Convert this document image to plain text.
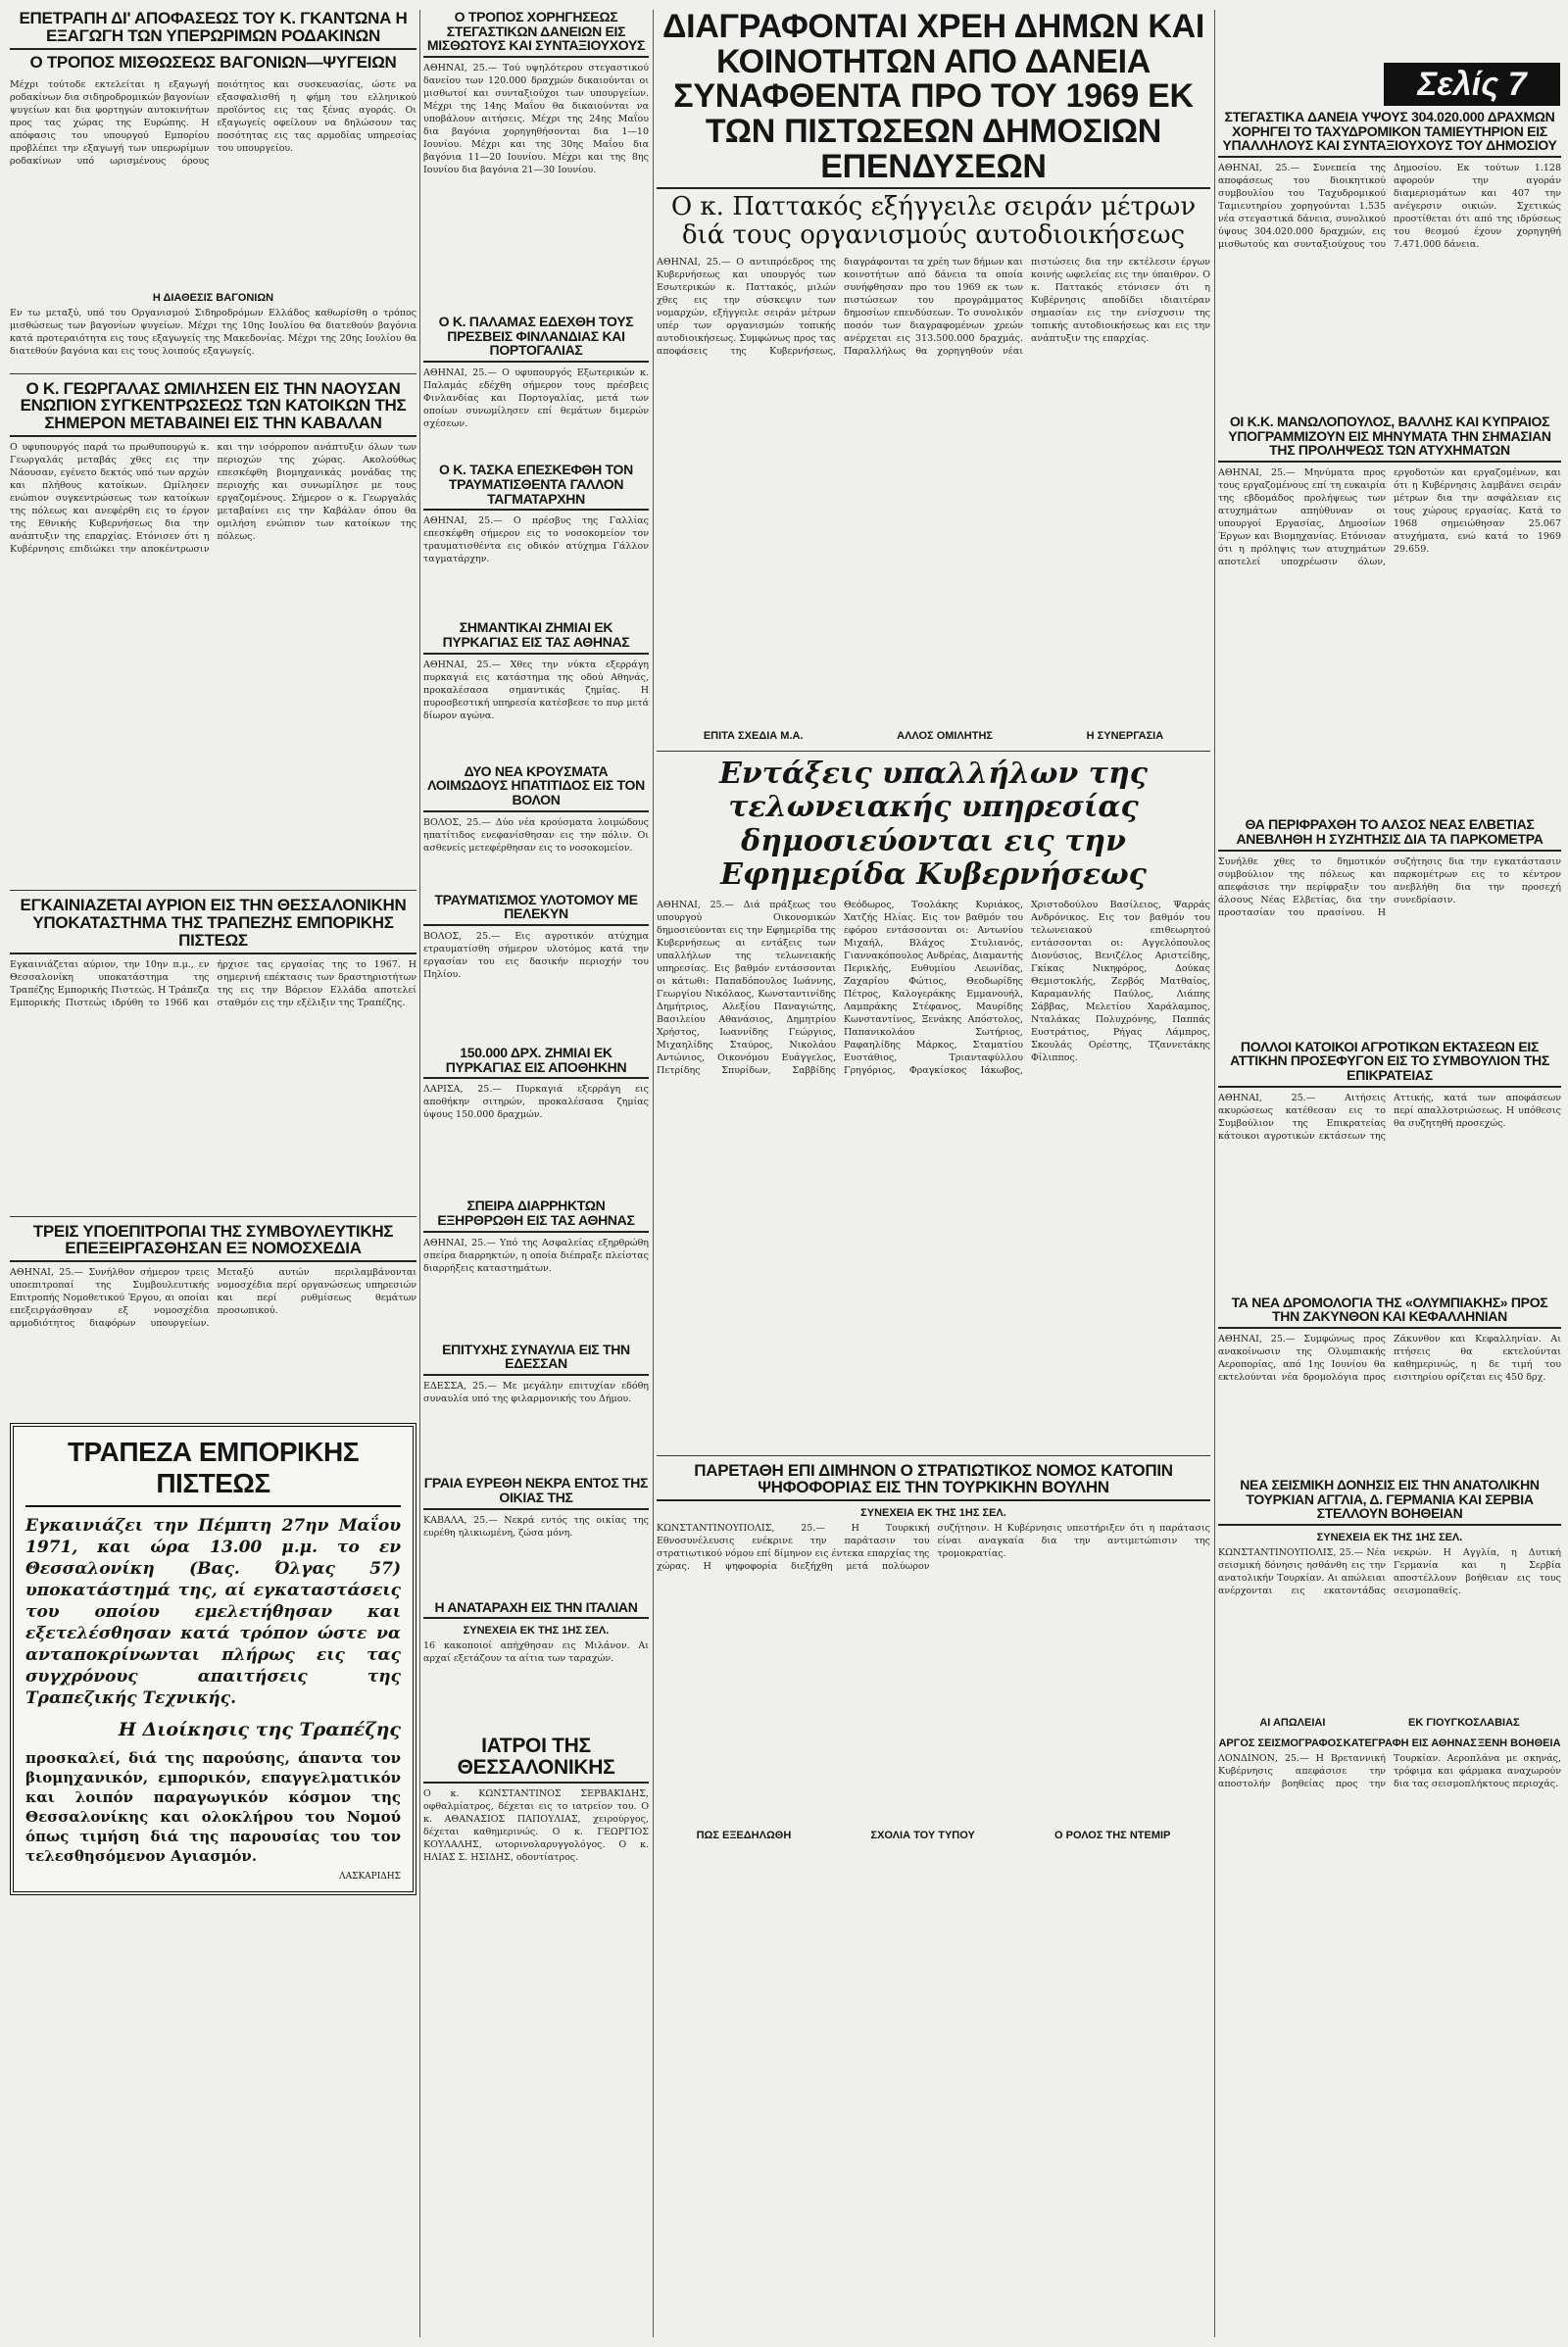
ΕΠΕΤΡΑΠΗ ΔΙ' ΑΠΟΦΑΣΕΩΣ ΤΟΥ Κ. ΓΚΑΝΤΩΝΑ Η ΕΞΑΓΩΓΗ ΤΩΝ ΥΠΕΡΩΡΙΜΩΝ ΡΟΔΑΚΙΝΩΝ
Ο ΤΡΟΠΟΣ ΜΙΣΘΩΣΕΩΣ ΒΑΓΟΝΙΩΝ—ΨΥΓΕΙΩΝ
Μέχρι τούτοδε εκτελείται η εξαγωγή ροδακίνων δια σιδηροδρομικών βαγονίων ψυγείων και δια φορτηγών αυτοκινήτων προς τας χώρας της Ευρώπης. Η απόφασις του υπουργού Εμπορίου προβλέπει την εξαγωγή των υπερωρίμων ροδακίνων υπό ωρισμένους όρους ποιότητος και συσκευασίας, ώστε να εξασφαλισθή η φήμη του ελληνικού προϊόντος εις τας ξένας αγοράς. Οι εξαγωγείς οφείλουν να δηλώσουν τας ποσότητας εις τας αρμοδίας υπηρεσίας του υπουργείου.
Η ΔΙΑΘΕΣΙΣ ΒΑΓΟΝΙΩΝ
Εν τω μεταξύ, υπό του Οργανισμού Σιδηροδρόμων Ελλάδος καθωρίσθη ο τρόπος μισθώσεως των βαγονίων ψυγείων. Μέχρι της 10ης Ιουλίου θα διατεθούν βαγόνια κατά προτεραιότητα εις τους εξαγωγείς της Μακεδονίας. Μέχρι της 20ης Ιουλίου θα διατεθούν βαγόνια και εις τους λοιπούς εξαγωγείς.
Ο Κ. ΓΕΩΡΓΑΛΑΣ ΩΜΙΛΗΣΕΝ ΕΙΣ ΤΗΝ ΝΑΟΥΣΑΝ ΕΝΩΠΙΟΝ ΣΥΓΚΕΝΤΡΩΣΕΩΣ ΤΩΝ ΚΑΤΟΙΚΩΝ ΤΗΣ ΣΗΜΕΡΟΝ ΜΕΤΑΒΑΙΝΕΙ ΕΙΣ ΤΗΝ ΚΑΒΑΛΑΝ
Ο υφυπουργός παρά τω πρωθυπουργώ κ. Γεωργαλάς μεταβάς χθες εις την Νάουσαν, εγένετο δεκτός υπό των αρχών και πλήθους κατοίκων. Ωμίλησεν ενώπιον συγκεντρώσεως των κατοίκων της πόλεως και ανεφέρθη εις το έργον της Εθνικής Κυβερνήσεως δια την ανάπτυξιν της επαρχίας. Ετόνισεν ότι η Κυβέρνησις επιδιώκει την αποκέντρωσιν και την ισόρροπον ανάπτυξιν όλων των περιοχών της χώρας. Ακολούθως επεσκέφθη βιομηχανικάς μονάδας της περιοχής και συνωμίλησε με τους εργαζομένους. Σήμερον ο κ. Γεωργαλάς μεταβαίνει εις την Καβάλαν όπου θα ομιλήση ενώπιον των κατοίκων της πόλεως.
ΕΓΚΑΙΝΙΑΖΕΤΑΙ ΑΥΡΙΟΝ ΕΙΣ ΤΗΝ ΘΕΣΣΑΛΟΝΙΚΗΝ ΥΠΟΚΑΤΑΣΤΗΜΑ ΤΗΣ ΤΡΑΠΕΖΗΣ ΕΜΠΟΡΙΚΗΣ ΠΙΣΤΕΩΣ
Εγκαινιάζεται αύριον, την 10ην π.μ., εν Θεσσαλονίκη υποκατάστημα της Τραπέζης Εμπορικής Πιστεώς. Η Τράπεζα Εμπορικής Πιστεώς ιδρύθη το 1966 και ήρχισε τας εργασίας της το 1967. Η σημερινή επέκτασις των δραστηριοτήτων της εις την Βόρειον Ελλάδα αποτελεί σταθμόν εις την εξέλιξιν της Τραπέζης.
ΤΡΕΙΣ ΥΠΟΕΠΙΤΡΟΠΑΙ ΤΗΣ ΣΥΜΒΟΥΛΕΥΤΙΚΗΣ ΕΠΕΞΕΙΡΓΑΣΘΗΣΑΝ ΕΞ ΝΟΜΟΣΧΕΔΙΑ
ΑΘΗΝΑΙ, 25.— Συνήλθον σήμερον τρεις υποεπιτροπαί της Συμβουλευτικής Επιτροπής Νομοθετικού Έργου, αι οποίαι επεξειργάσθησαν εξ νομοσχέδια αρμοδιότητος διαφόρων υπουργείων. Μεταξύ αυτών περιλαμβάνονται νομοσχέδια περί οργανώσεως υπηρεσιών και περί ρυθμίσεως θεμάτων προσωπικού.
ΤΡΑΠΕΖΑ ΕΜΠΟΡΙΚΗΣ ΠΙΣΤΕΩΣ
Εγκαινιάζει την Πέμπτη 27ην Μαΐου 1971, και ώρα 13.00 μ.μ. το εν Θεσσαλονίκη (Βας. Όλγας 57) υποκατάστημά της, αί εγκαταστάσεις του οποίου εμελετήθησαν και εξετελέσθησαν κατά τρόπον ώστε να ανταποκρίνωνται πλήρως εις τας συγχρόνους απαιτήσεις της Τραπεζικής Τεχνικής.
Η Διοίκησις της Τραπέζης
προσκαλεί, διά της παρούσης, άπαντα τον βιομηχανικόν, εμπορικόν, επαγγελματικόν και λοιπόν παραγωγικόν κόσμον της Θεσσαλονίκης και ολοκλήρου του Νομού όπως τιμήση διά της παρουσίας του τον τελεσθησόμενον Αγιασμόν.
ΛΑΣΚΑΡΙΔΗΣ
Ο ΤΡΟΠΟΣ ΧΟΡΗΓΗΣΕΩΣ ΣΤΕΓΑΣΤΙΚΩΝ ΔΑΝΕΙΩΝ ΕΙΣ ΜΙΣΘΩΤΟΥΣ ΚΑΙ ΣΥΝΤΑΞΙΟΥΧΟΥΣ
ΑΘΗΝΑΙ, 25.— Τού υψηλότερου στεγαστικού δανείου των 120.000 δραχμών δικαιούνται οι μισθωτοί και συνταξιούχοι των υπουργείων. Μέχρι της 14ης Μαΐου θα δικαιούνται να υποβάλουν αιτήσεις. Μέχρι της 24ης Μαΐου δια βαγόνια χορηγηθήσονται δια 1—10 Ιουνίου. Μέχρι και της 30ης Μαΐου δια βαγόνια 11—20 Ιουνίου. Μέχρι και της 8ης Ιουνίου δια βαγόνια 21—30 Ιουνίου.
Ο Κ. ΠΑΛΑΜΑΣ ΕΔΕΧΘΗ ΤΟΥΣ ΠΡΕΣΒΕΙΣ ΦΙΝΛΑΝΔΙΑΣ ΚΑΙ ΠΟΡΤΟΓΑΛΙΑΣ
ΑΘΗΝΑΙ, 25.— Ο υφυπουργός Εξωτερικών κ. Παλαμάς εδέχθη σήμερον τους πρέσβεις Φινλανδίας και Πορτογαλίας, μετά των οποίων συνωμίλησεν επί θεμάτων διμερών σχέσεων.
Ο Κ. ΤΑΣΚΑ ΕΠΕΣΚΕΦΘΗ ΤΟΝ ΤΡΑΥΜΑΤΙΣΘΕΝΤΑ ΓΑΛΛΟΝ ΤΑΓΜΑΤΑΡΧΗΝ
ΑΘΗΝΑΙ, 25.— Ο πρέσβυς της Γαλλίας επεσκέφθη σήμερον εις το νοσοκομείον τον τραυματισθέντα εις οδικόν ατύχημα Γάλλον ταγματάρχην.
ΣΗΜΑΝΤΙΚΑΙ ΖΗΜΙΑΙ ΕΚ ΠΥΡΚΑΓΙΑΣ ΕΙΣ ΤΑΣ ΑΘΗΝΑΣ
ΑΘΗΝΑΙ, 25.— Χθες την νύκτα εξερράγη πυρκαγιά εις κατάστημα της οδού Αθηνάς, προκαλέσασα σημαντικάς ζημίας. Η πυροσβεστική υπηρεσία κατέσβεσε το πυρ μετά δίωρον αγώνα.
ΔΥΟ ΝΕΑ ΚΡΟΥΣΜΑΤΑ ΛΟΙΜΩΔΟΥΣ ΗΠΑΤΙΤΙΔΟΣ ΕΙΣ ΤΟΝ ΒΟΛΟΝ
ΒΟΛΟΣ, 25.— Δύο νέα κρούσματα λοιμώδους ηπατίτιδος ενεφανίσθησαν εις την πόλιν. Οι ασθενείς μετεφέρθησαν εις το νοσοκομείον.
ΤΡΑΥΜΑΤΙΣΜΟΣ ΥΛΟΤΟΜΟΥ ΜΕ ΠΕΛΕΚΥΝ
ΒΟΛΟΣ, 25.— Εις αγροτικόν ατύχημα ετραυματίσθη σήμερον υλοτόμος κατά την εργασίαν του εις δασικήν περιοχήν του Πηλίου.
150.000 ΔΡΧ. ΖΗΜΙΑΙ ΕΚ ΠΥΡΚΑΓΙΑΣ ΕΙΣ ΑΠΟΘΗΚΗΝ
ΛΑΡΙΣΑ, 25.— Πυρκαγιά εξερράγη εις αποθήκην σιτηρών, προκαλέσασα ζημίας ύψους 150.000 δραχμών.
ΣΠΕΙΡΑ ΔΙΑΡΡΗΚΤΩΝ ΕΞΗΡΘΡΩΘΗ ΕΙΣ ΤΑΣ ΑΘΗΝΑΣ
ΑΘΗΝΑΙ, 25.— Υπό της Ασφαλείας εξηρθρώθη σπείρα διαρρηκτών, η οποία διέπραξε πλείστας διαρρήξεις καταστημάτων.
ΕΠΙΤΥΧΗΣ ΣΥΝΑΥΛΙΑ ΕΙΣ ΤΗΝ ΕΔΕΣΣΑΝ
ΕΔΕΣΣΑ, 25.— Με μεγάλην επιτυχίαν εδόθη συναυλία υπό της φιλαρμονικής του Δήμου.
ΓΡΑΙΑ ΕΥΡΕΘΗ ΝΕΚΡΑ ΕΝΤΟΣ ΤΗΣ ΟΙΚΙΑΣ ΤΗΣ
ΚΑΒΑΛΑ, 25.— Νεκρά εντός της οικίας της ευρέθη ηλικιωμένη, ζώσα μόνη.
Η ΑΝΑΤΑΡΑΧΗ ΕΙΣ ΤΗΝ ΙΤΑΛΙΑΝ
ΣΥΝΕΧΕΙΑ ΕΚ ΤΗΣ 1ΗΣ ΣΕΛ.
16 κακοποιοί απήχθησαν εις Μιλάνον. Αι αρχαί εξετάζουν τα αίτια των ταραχών.
ΙΑΤΡΟΙ ΤΗΣ ΘΕΣΣΑΛΟΝΙΚΗΣ
Ο κ. ΚΩΝΣΤΑΝΤΙΝΟΣ ΣΕΡΒΑΚΙΔΗΣ, οφθαλμίατρος, δέχεται εις το ιατρείον του. Ο κ. ΑΘΑΝΑΣΙΟΣ ΠΑΠΟΥΛΙΑΣ, χειρούργος, δέχεται καθημερινώς. Ο κ. ΓΕΩΡΓΙΟΣ ΚΟΥΛΑΛΗΣ, ωτορινολαρυγγολόγος. Ο κ. ΗΛΙΑΣ Σ. ΗΣΙΔΗΣ, οδοντίατρος.
ΔΙΑΓΡΑΦΟΝΤΑΙ ΧΡΕΗ ΔΗΜΩΝ ΚΑΙ ΚΟΙΝΟΤΗΤΩΝ ΑΠΟ ΔΑΝΕΙΑ ΣΥΝΑΦΘΕΝΤΑ ΠΡΟ ΤΟΥ 1969 ΕΚ ΤΩΝ ΠΙΣΤΩΣΕΩΝ ΔΗΜΟΣΙΩΝ ΕΠΕΝΔΥΣΕΩΝ
Ο κ. Παττακός εξήγγειλε σειράν μέτρων διά τους οργανισμούς αυτοδιοικήσεως
ΑΘΗΝΑΙ, 25.— Ο αντιπρόεδρος της Κυβερνήσεως και υπουργός των Εσωτερικών κ. Παττακός, μιλών χθες εις την σύσκεψιν των νομαρχών, εξήγγειλε σειράν μέτρων υπέρ των οργανισμών τοπικής αυτοδιοικήσεως. Συμφώνως προς τας αποφάσεις της Κυβερνήσεως, διαγράφονται τα χρέη των δήμων και κοινοτήτων από δάνεια τα οποία συνήφθησαν προ του 1969 εκ των πιστώσεων του προγράμματος δημοσίων επενδύσεων. Το συνολικόν ποσόν των διαγραφομένων χρεών ανέρχεται εις 313.500.000 δραχμάς. Παραλλήλως θα χορηγηθούν νέαι πιστώσεις δια την εκτέλεσιν έργων κοινής ωφελείας εις την ύπαιθρον. Ο κ. Παττακός ετόνισεν ότι η Κυβέρνησις αποδίδει ιδιαιτέραν σημασίαν εις την ενίσχυσιν της τοπικής αυτοδιοικήσεως και εις την ανάπτυξιν της επαρχίας.
ΕΠΙΤΑ ΣΧΕΔΙΑ Μ.Α.	ΑΛΛΟΣ ΟΜΙΛΗΤΗΣ	Η ΣΥΝΕΡΓΑΣΙΑ
Εντάξεις υπαλλήλων της τελωνειακής υπηρεσίας δημοσιεύονται εις την Εφημερίδα Κυβερνήσεως
ΑΘΗΝΑΙ, 25.— Διά πράξεως του υπουργού Οικονομικών δημοσιεύονται εις την Εφημερίδα της Κυβερνήσεως αι εντάξεις των υπαλλήλων της τελωνειακής υπηρεσίας. Εις βαθμόν εντάσσονται οι κάτωθι: Παπαδόπουλος Ιωάννης, Γεωργίου Νικόλαος, Κωνσταντινίδης Δημήτριος, Αλεξίου Παναγιώτης, Βασιλείου Αθανάσιος, Δημητρίου Χρήστος, Ιωαννίδης Γεώργιος, Μιχαηλίδης Σταύρος, Νικολάου Αντώνιος, Οικονόμου Ευάγγελος, Πετρίδης Σπυρίδων, Σαββίδης Θεόδωρος, Τσολάκης Κυριάκος, Χατζής Ηλίας. Εις τον βαθμόν του εφόρου εντάσσονται οι: Αντωνίου Μιχαήλ, Βλάχος Στυλιανός, Γιαννακόπουλος Ανδρέας, Διαμαντής Περικλής, Ευθυμίου Λεωνίδας, Ζαχαρίου Φώτιος, Θεοδωρίδης Πέτρος, Καλογεράκης Εμμανουήλ, Λαμπράκης Στέφανος, Μαυρίδης Κωνσταντίνος, Ξενάκης Απόστολος, Παπανικολάου Σωτήριος, Ραφαηλίδης Μάρκος, Σταματίου Ευστάθιος, Τριανταφύλλου Γρηγόριος, Φραγκίσκος Ιάκωβος, Χριστοδούλου Βασίλειος, Ψαρράς Ανδρόνικος. Εις τον βαθμόν του τελωνειακού επιθεωρητού εντάσσονται οι: Αγγελόπουλος Διονύσιος, Βενιζέλος Αριστείδης, Γκίκας Νικηφόρος, Δούκας Θεμιστοκλής, Ζερβός Ματθαίος, Καραμανλής Παύλος, Λιάπης Σάββας, Μελετίου Χαράλαμπος, Νταλάκας Πολυχρόνης, Παππάς Ευστράτιος, Ρήγας Λάμπρος, Σκουλάς Ορέστης, Τζαννετάκης Φίλιππος.
ΠΑΡΕΤΑΘΗ ΕΠΙ ΔΙΜΗΝΟΝ Ο ΣΤΡΑΤΙΩΤΙΚΟΣ ΝΟΜΟΣ ΚΑΤΟΠΙΝ ΨΗΦΟΦΟΡΙΑΣ ΕΙΣ ΤΗΝ ΤΟΥΡΚΙΚΗΝ ΒΟΥΛΗΝ
ΣΥΝΕΧΕΙΑ ΕΚ ΤΗΣ 1ΗΣ ΣΕΛ.
ΚΩΝΣΤΑΝΤΙΝΟΥΠΟΛΙΣ, 25.— Η Τουρκική Εθνοσυνέλευσις ενέκρινε την παράτασιν του στρατιωτικού νόμου επί δίμηνον εις έντεκα επαρχίας της χώρας. Η ψηφοφορία διεξήχθη μετά πολύωρον συζήτησιν. Η Κυβέρνησις υπεστήριξεν ότι η παράτασις είναι αναγκαία δια την αντιμετώπισιν της τρομοκρατίας.
ΠΩΣ ΕΞΕΔΗΛΩΘΗ	ΣΧΟΛΙΑ ΤΟΥ ΤΥΠΟΥ	Ο ΡΟΛΟΣ ΤΗΣ ΝΤΕΜΙΡ
Σελίς 7
ΣΤΕΓΑΣΤΙΚΑ ΔΑΝΕΙΑ ΥΨΟΥΣ 304.020.000 ΔΡΑΧΜΩΝ ΧΟΡΗΓΕΙ ΤΟ ΤΑΧΥΔΡΟΜΙΚΟΝ ΤΑΜΙΕΥΤΗΡΙΟΝ ΕΙΣ ΥΠΑΛΛΗΛΟΥΣ ΚΑΙ ΣΥΝΤΑΞΙΟΥΧΟΥΣ ΤΟΥ ΔΗΜΟΣΙΟΥ
ΑΘΗΝΑΙ, 25.— Συνεπεία της αποφάσεως του διοικητικού συμβουλίου του Ταχυδρομικού Ταμιευτηρίου χορηγούνται 1.535 νέα στεγαστικά δάνεια, συνολικού ύψους 304.020.000 δραχμών, εις μισθωτούς και συνταξιούχους του Δημοσίου. Εκ τούτων 1.128 αφορούν την αγοράν διαμερισμάτων και 407 την ανέγερσιν οικιών. Σχετικώς προστίθεται ότι από της ιδρύσεως του θεσμού έχουν χορηγηθή 7.471.000 δάνεια.
ΟΙ Κ.Κ. ΜΑΝΩΛΟΠΟΥΛΟΣ, ΒΑΛΛΗΣ ΚΑΙ ΚΥΠΡΑΙΟΣ ΥΠΟΓΡΑΜΜΙΖΟΥΝ ΕΙΣ ΜΗΝΥΜΑΤΑ ΤΗΝ ΣΗΜΑΣΙΑΝ ΤΗΣ ΠΡΟΛΗΨΕΩΣ ΤΩΝ ΑΤΥΧΗΜΑΤΩΝ
ΑΘΗΝΑΙ, 25.— Μηνύματα προς τους εργαζομένους επί τη ευκαιρία της εβδομάδος προλήψεως των ατυχημάτων απηύθυναν οι υπουργοί Εργασίας, Δημοσίων Έργων και Βιομηχανίας. Ετόνισαν ότι η πρόληψις των ατυχημάτων αποτελεί υποχρέωσιν όλων, εργοδοτών και εργαζομένων, και ότι η Κυβέρνησις λαμβάνει σειράν μέτρων δια την ασφάλειαν εις τους χώρους εργασίας. Κατά το 1968 σημειώθησαν 25.067 ατυχήματα, ενώ κατά το 1969 29.659.
ΘΑ ΠΕΡΙΦΡΑΧΘΗ ΤΟ ΑΛΣΟΣ ΝΕΑΣ ΕΛΒΕΤΙΑΣ ΑΝΕΒΛΗΘΗ Η ΣΥΖΗΤΗΣΙΣ ΔΙΑ ΤΑ ΠΑΡΚΟΜΕΤΡΑ
Συνήλθε χθες το δημοτικόν συμβούλιον της πόλεως και απεφάσισε την περίφραξιν του άλσους Νέας Ελβετίας, δια την προστασίαν του πρασίνου. Η συζήτησις δια την εγκατάστασιν παρκομέτρων εις το κέντρον ανεβλήθη δια την προσεχή συνεδρίασιν.
ΠΟΛΛΟΙ ΚΑΤΟΙΚΟΙ ΑΓΡΟΤΙΚΩΝ ΕΚΤΑΣΕΩΝ ΕΙΣ ΑΤΤΙΚΗΝ ΠΡΟΣΕΦΥΓΟΝ ΕΙΣ ΤΟ ΣΥΜΒΟΥΛΙΟΝ ΤΗΣ ΕΠΙΚΡΑΤΕΙΑΣ
ΑΘΗΝΑΙ, 25.— Αιτήσεις ακυρώσεως κατέθεσαν εις το Συμβούλιον της Επικρατείας κάτοικοι αγροτικών εκτάσεων της Αττικής, κατά των αποφάσεων περί απαλλοτριώσεως. Η υπόθεσις θα συζητηθή προσεχώς.
ΤΑ ΝΕΑ ΔΡΟΜΟΛΟΓΙΑ ΤΗΣ «ΟΛΥΜΠΙΑΚΗΣ» ΠΡΟΣ ΤΗΝ ΖΑΚΥΝΘΟΝ ΚΑΙ ΚΕΦΑΛΛΗΝΙΑΝ
ΑΘΗΝΑΙ, 25.— Συμφώνως προς ανακοίνωσιν της Ολυμπιακής Αεροπορίας, από 1ης Ιουνίου θα εκτελούνται νέα δρομολόγια προς Ζάκυνθον και Κεφαλληνίαν. Αι πτήσεις θα εκτελούνται καθημερινώς, η δε τιμή του εισιτηρίου ορίζεται εις 450 δρχ.
ΝΕΑ ΣΕΙΣΜΙΚΗ ΔΟΝΗΣΙΣ ΕΙΣ ΤΗΝ ΑΝΑΤΟΛΙΚΗΝ ΤΟΥΡΚΙΑΝ ΑΓΓΛΙΑ, Δ. ΓΕΡΜΑΝΙΑ ΚΑΙ ΣΕΡΒΙΑ ΣΤΕΛΛΟΥΝ ΒΟΗΘΕΙΑΝ
ΣΥΝΕΧΕΙΑ ΕΚ ΤΗΣ 1ΗΣ ΣΕΛ.
ΚΩΝΣΤΑΝΤΙΝΟΥΠΟΛΙΣ, 25.— Νέα σεισμική δόνησις ησθάνθη εις την ανατολικήν Τουρκίαν. Αι απώλειαι ανέρχονται εις εκατοντάδας νεκρών. Η Αγγλία, η Δυτική Γερμανία και η Σερβία αποστέλλουν βοήθειαν εις τους σεισμοπαθείς.
ΑΙ ΑΠΩΛΕΙΑΙ	ΕΚ ΓΙΟΥΓΚΟΣΛΑΒΙΑΣ
ΑΡΓΟΣ ΣΕΙΣΜΟΓΡΑΦΟΣ ΚΑΤΕΓΡΑΦΗ ΕΙΣ ΑΘΗΝΑΣ ΞΕΝΗ ΒΟΗΘΕΙΑ
ΛΟΝΔΙΝΟΝ, 25.— Η Βρεταννική Κυβέρνησις απεφάσισε την αποστολήν βοηθείας προς την Τουρκίαν. Αεροπλάνα με σκηνάς, τρόφιμα και φάρμακα αναχωρούν δια τας σεισμοπλήκτους περιοχάς.
